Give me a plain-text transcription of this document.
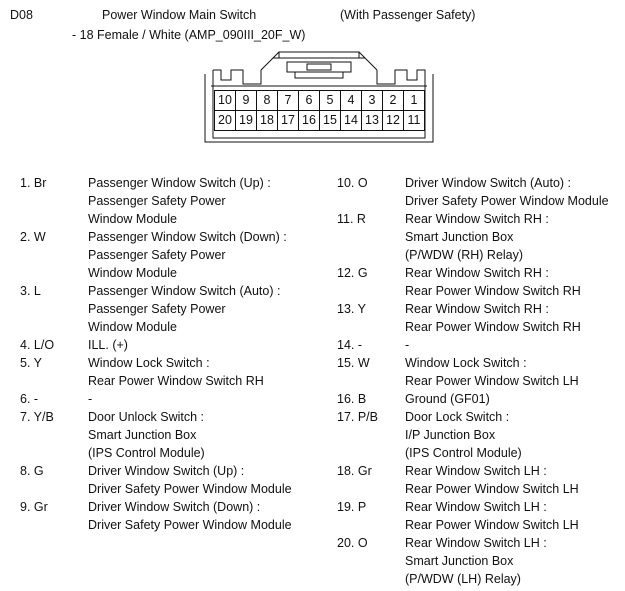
D08	Power Window Main Switch	(With Passenger Safety)
- 18 Female / White (AMP_090III_20F_W)
10 9	8	7	6	5	4	3	2	1
20 19 18 17 16 15 14 13 12 11
1. Br	Passenger Window Switch (Up) :
Passenger Safety Power
Window Module
2. W	Passenger Window Switch (Down) :
Passenger Safety Power
Window Module
3. L	Passenger Window Switch (Auto) :
Passenger Safety Power
Window Module
4. L/O	ILL. (+)
5. Y	Window Lock Switch :
Rear Power Window Switch RH
6. -	-
7. Y/B	Door Unlock Switch :
Smart Junction Box
(IPS Control Module)
8. G	Driver Window Switch (Up) :
Driver Safety Power Window Module
9. Gr	Driver Window Switch (Down) :
Driver Safety Power Window Module
10. O	Driver Window Switch (Auto) :
Driver Safety Power Window Module
11. R	Rear Window Switch RH :
Smart Junction Box
(P/WDW (RH) Relay)
12. G	Rear Window Switch RH :
Rear Power Window Switch RH
13. Y	Rear Window Switch RH :
Rear Power Window Switch RH
14. -	-
15. W	Window Lock Switch :
Rear Power Window Switch LH
16. B	Ground (GF01)
17. P/B	Door Lock Switch :
I/P Junction Box
(IPS Control Module)
18. Gr	Rear Window Switch LH :
Rear Power Window Switch LH
19. P	Rear Window Switch LH :
Rear Power Window Switch LH
20. O	Rear Window Switch LH :
Smart Junction Box
(P/WDW (LH) Relay)
